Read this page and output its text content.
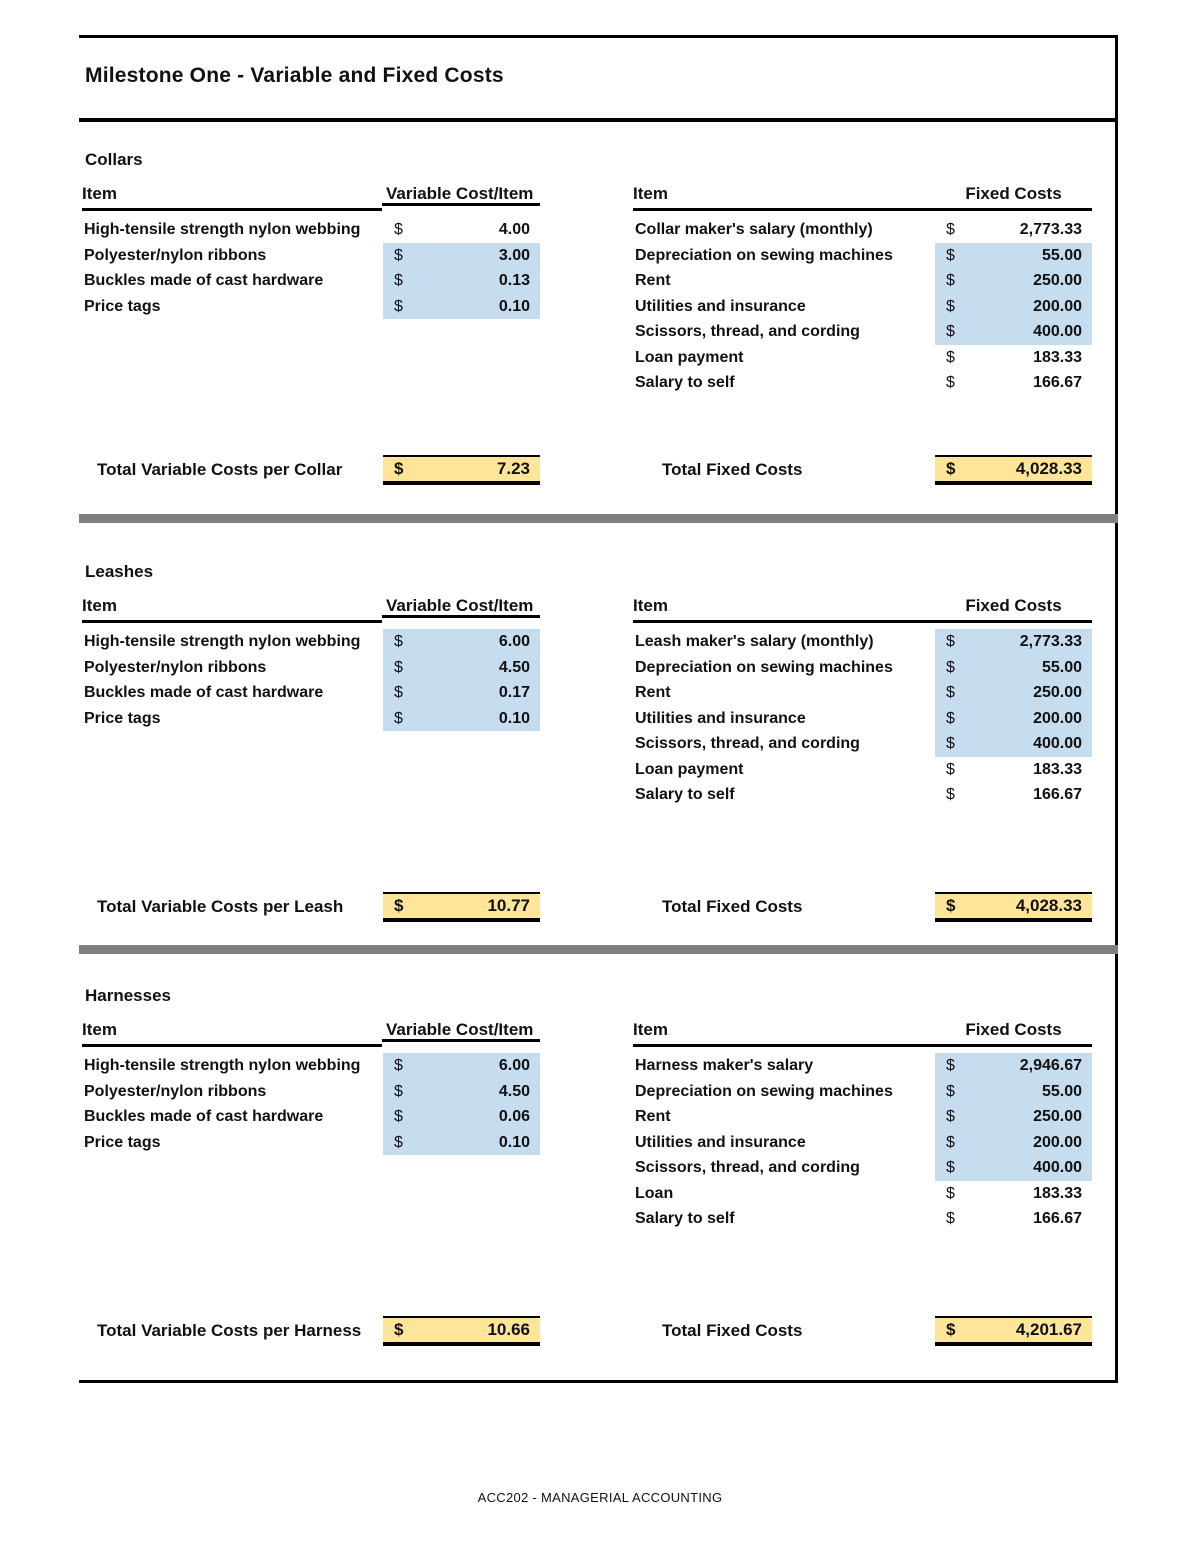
Milestone One - Variable and Fixed Costs
Collars
Item	Variable Cost/Item	Item	Fixed Costs
High-tensile strength nylon webbing $	4.00
Polyester/nylon ribbons	$	3.00
Buckles made of cast hardware	$	0.13
Price tags	$	0.10
Collar maker's salary (monthly)	$	2,773.33
Depreciation on sewing machines	$	55.00
Rent	$	250.00
Utilities and insurance	$	200.00
Scissors, thread, and cording	$	400.00
Loan payment	$	183.33
Salary to self	$	166.67
Total Variable Costs per Collar	$	7.23	Total Fixed Costs	$	4,028.33
Leashes
Item	Variable Cost/Item	Item	Fixed Costs
High-tensile strength nylon webbing $	6.00
Polyester/nylon ribbons	$	4.50
Buckles made of cast hardware	$	0.17
Price tags	$	0.10
Leash maker's salary (monthly)	$	2,773.33
Depreciation on sewing machines	$	55.00
Rent	$	250.00
Utilities and insurance	$	200.00
Scissors, thread, and cording	$	400.00
Loan payment	$	183.33
Salary to self	$	166.67
Total Variable Costs per Leash	$	10.77	Total Fixed Costs	$	4,028.33
Harnesses
Item	Variable Cost/Item	Item	Fixed Costs
High-tensile strength nylon webbing $	6.00
Polyester/nylon ribbons	$	4.50
Buckles made of cast hardware	$	0.06
Price tags	$	0.10
Harness maker's salary	$	2,946.67
Depreciation on sewing machines	$	55.00
Rent	$	250.00
Utilities and insurance	$	200.00
Scissors, thread, and cording	$	400.00
Loan	$	183.33
Salary to self	$	166.67
Total Variable Costs per Harness $	10.66	Total Fixed Costs	$	4,201.67
ACC202 - MANAGERIAL ACCOUNTING
